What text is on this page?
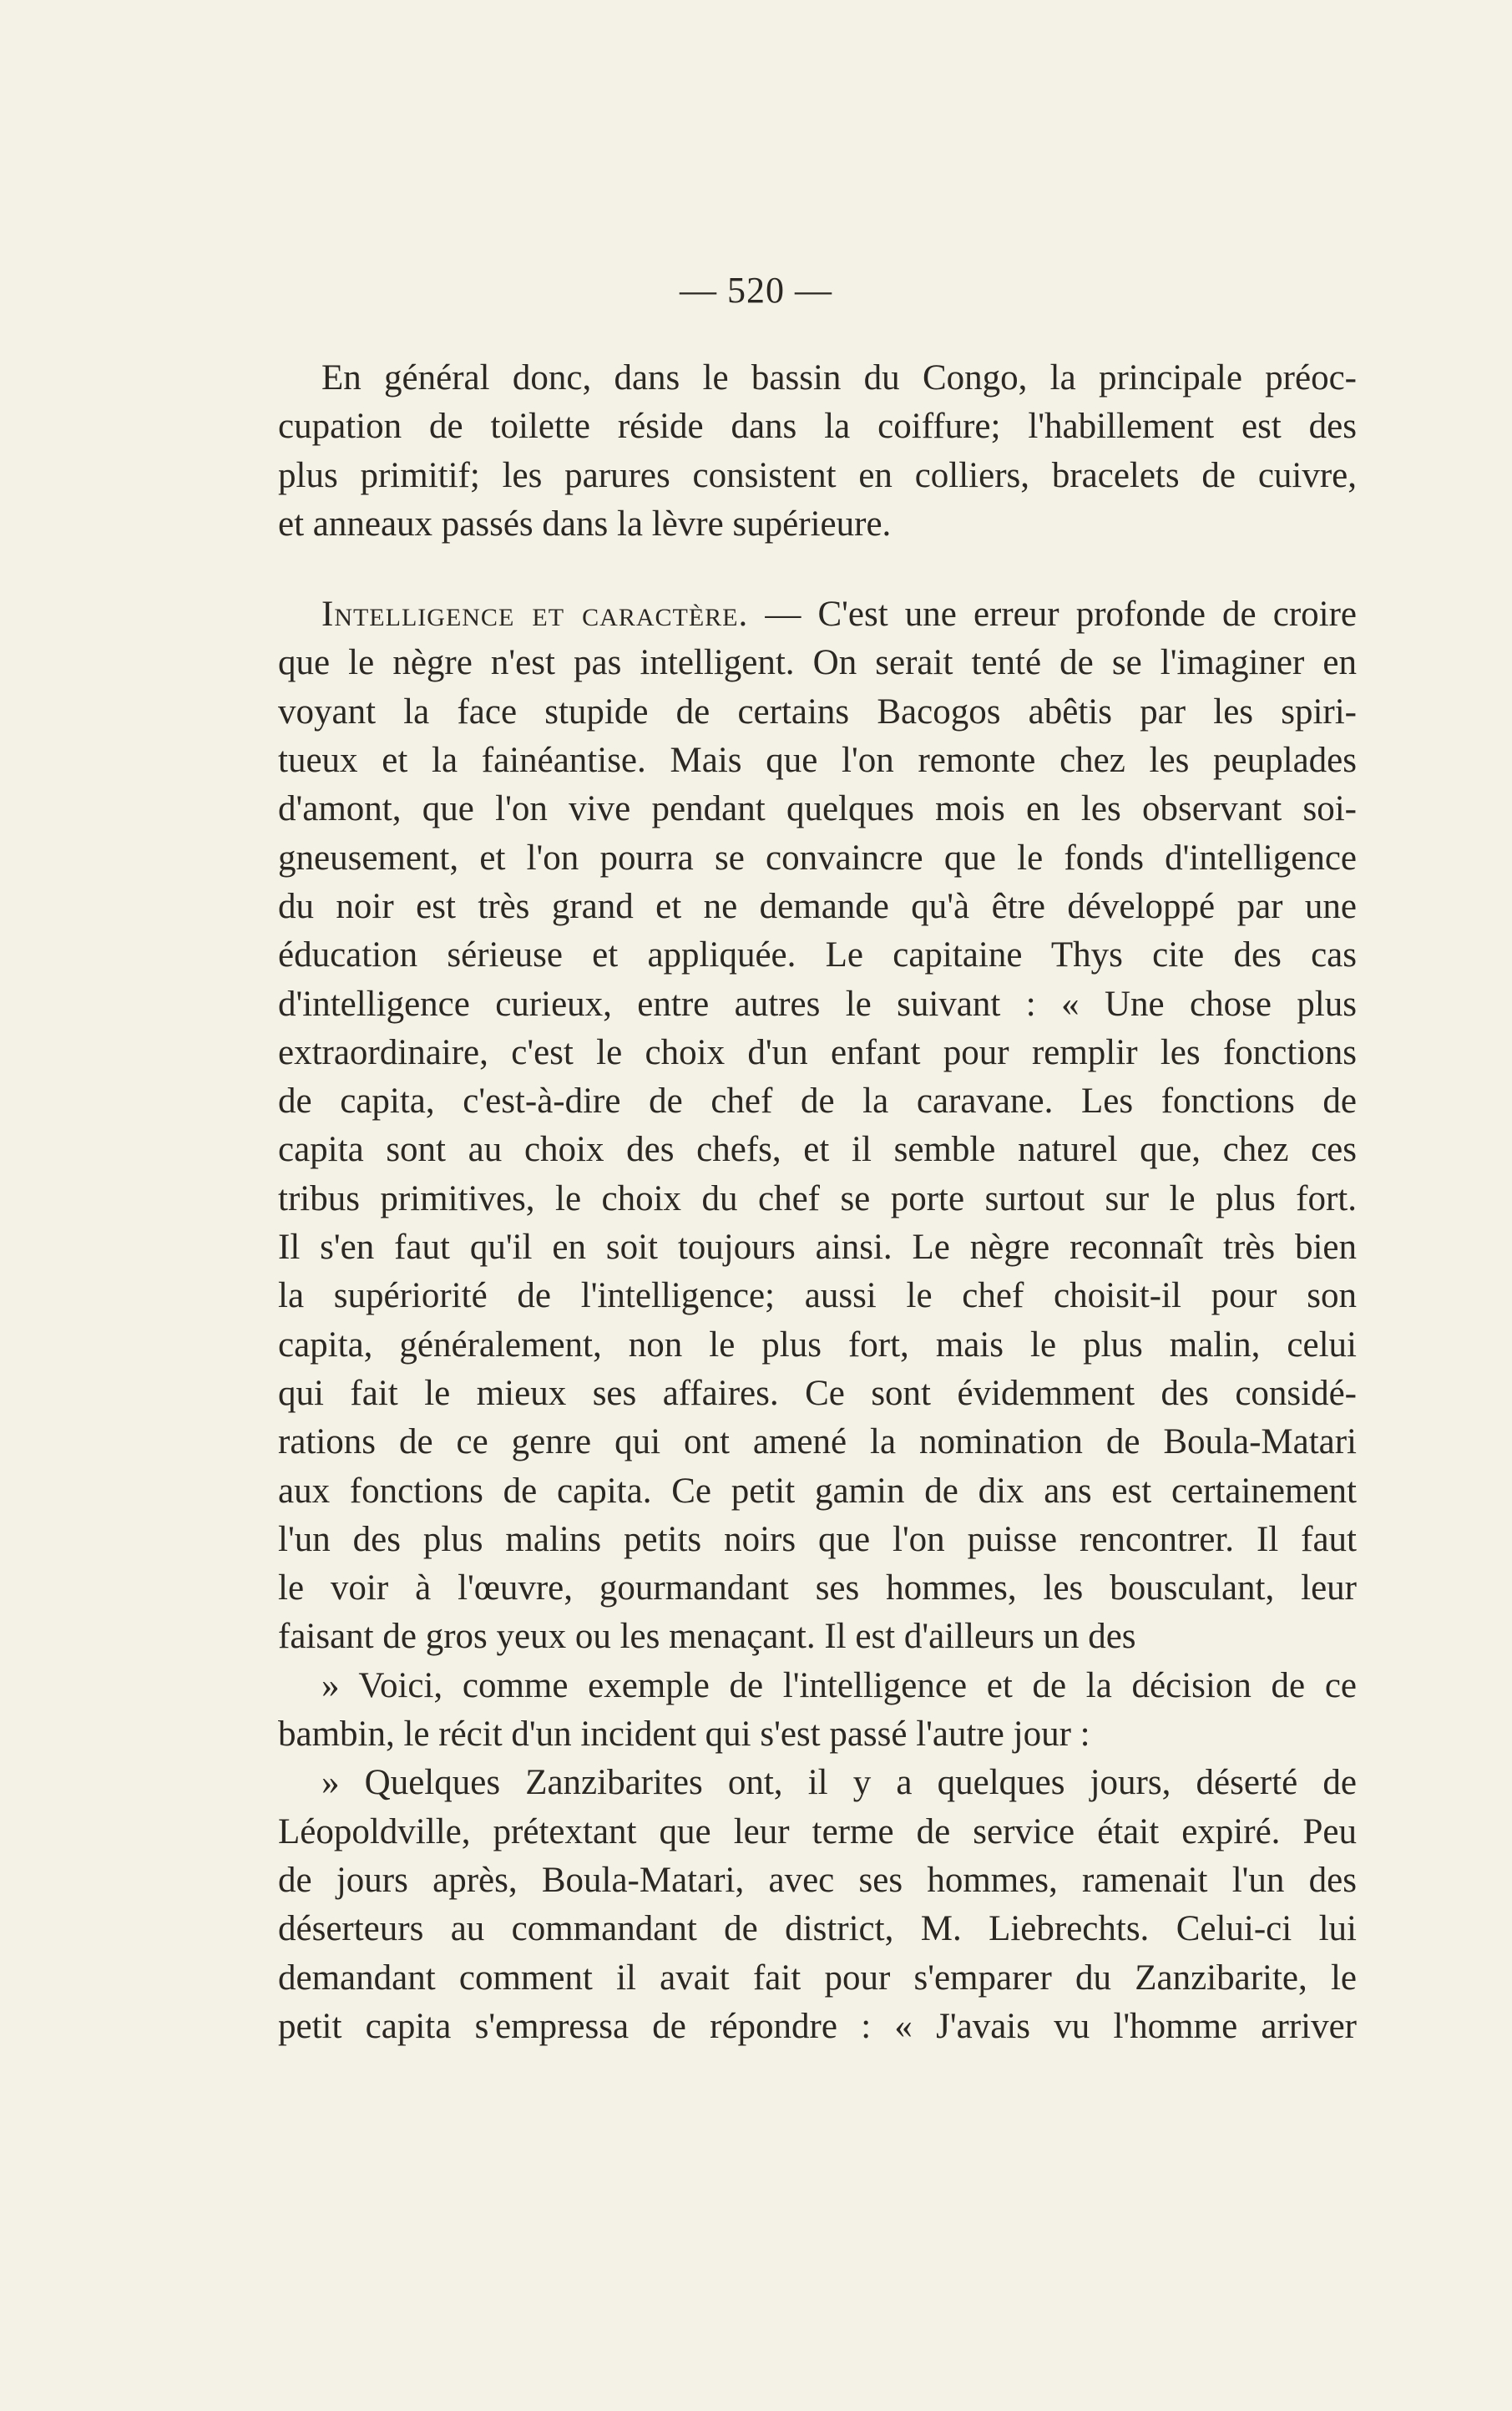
— 520 —
En général donc, dans le bassin du Congo, la principale préoc-
cupation de toilette réside dans la coiffure; l'habillement est des
plus primitif; les parures consistent en colliers, bracelets de cuivre,
et anneaux passés dans la lèvre supérieure.
Intelligence et caractère. — C'est une erreur profonde de croire
que le nègre n'est pas intelligent. On serait tenté de se l'imaginer en
voyant la face stupide de certains Bacogos abêtis par les spiri-
tueux et la fainéantise. Mais que l'on remonte chez les peuplades
d'amont, que l'on vive pendant quelques mois en les observant soi-
gneusement, et l'on pourra se convaincre que le fonds d'intelligence
du noir est très grand et ne demande qu'à être développé par une
éducation sérieuse et appliquée. Le capitaine Thys cite des cas
d'intelligence curieux, entre autres le suivant : « Une chose plus
extraordinaire, c'est le choix d'un enfant pour remplir les fonctions
de capita, c'est-à-dire de chef de la caravane. Les fonctions de
capita sont au choix des chefs, et il semble naturel que, chez ces
tribus primitives, le choix du chef se porte surtout sur le plus fort.
Il s'en faut qu'il en soit toujours ainsi. Le nègre reconnaît très bien
la supériorité de l'intelligence; aussi le chef choisit-il pour son
capita, généralement, non le plus fort, mais le plus malin, celui
qui fait le mieux ses affaires. Ce sont évidemment des considé-
rations de ce genre qui ont amené la nomination de Boula-Matari
aux fonctions de capita. Ce petit gamin de dix ans est certainement
l'un des plus malins petits noirs que l'on puisse rencontrer. Il faut
le voir à l'œuvre, gourmandant ses hommes, les bousculant, leur
faisant de gros yeux ou les menaçant. Il est d'ailleurs un des
» Voici, comme exemple de l'intelligence et de la décision de ce
bambin, le récit d'un incident qui s'est passé l'autre jour :
» Quelques Zanzibarites ont, il y a quelques jours, déserté de
Léopoldville, prétextant que leur terme de service était expiré. Peu
de jours après, Boula-Matari, avec ses hommes, ramenait l'un des
déserteurs au commandant de district, M. Liebrechts. Celui-ci lui
demandant comment il avait fait pour s'emparer du Zanzibarite, le
petit capita s'empressa de répondre : « J'avais vu l'homme arriver
